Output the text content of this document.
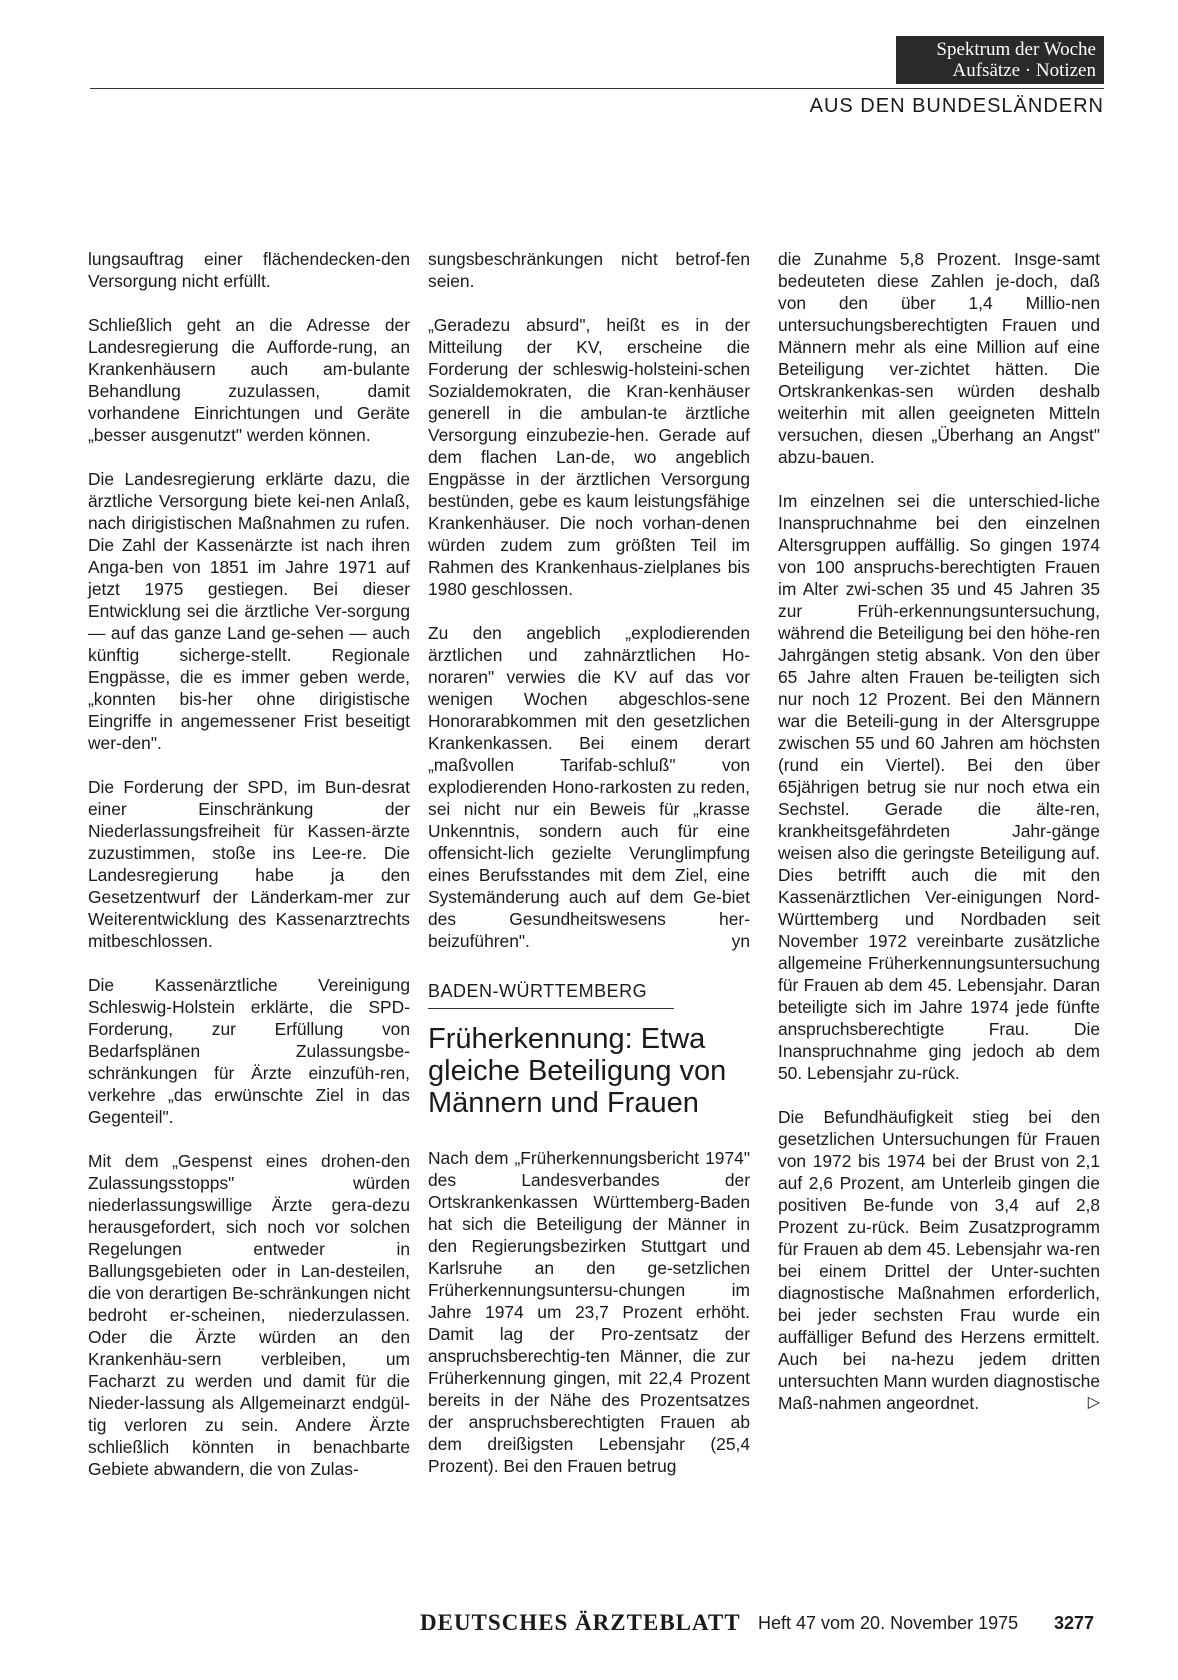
Spektrum der Woche
Aufsätze · Notizen
AUS DEN BUNDESLÄNDERN

lungsauftrag einer flächendecken-den Versorgung nicht erfüllt.

Schließlich geht an die Adresse der Landesregierung die Aufforde-rung, an Krankenhäusern auch am-bulante Behandlung zuzulassen, damit vorhandene Einrichtungen und Geräte „besser ausgenutzt" werden können.

Die Landesregierung erklärte dazu, die ärztliche Versorgung biete kei-nen Anlaß, nach dirigistischen Maßnahmen zu rufen. Die Zahl der Kassenärzte ist nach ihren Anga-ben von 1851 im Jahre 1971 auf jetzt 1975 gestiegen. Bei dieser Entwicklung sei die ärztliche Ver-sorgung — auf das ganze Land ge-sehen — auch künftig sicherge-stellt. Regionale Engpässe, die es immer geben werde, „konnten bis-her ohne dirigistische Eingriffe in angemessener Frist beseitigt wer-den".

Die Forderung der SPD, im Bun-desrat einer Einschränkung der Niederlassungsfreiheit für Kassen-ärzte zuzustimmen, stoße ins Lee-re. Die Landesregierung habe ja den Gesetzentwurf der Länderkam-mer zur Weiterentwicklung des Kassenarztrechts mitbeschlossen.

Die Kassenärztliche Vereinigung Schleswig-Holstein erklärte, die SPD-Forderung, zur Erfüllung von Bedarfsplänen Zulassungsbe-schränkungen für Ärzte einzufüh-ren, verkehre „das erwünschte Ziel in das Gegenteil".

Mit dem „Gespenst eines drohen-den Zulassungsstopps" würden niederlassungswillige Ärzte gera-dezu herausgefordert, sich noch vor solchen Regelungen entweder in Ballungsgebieten oder in Lan-desteilen, die von derartigen Be-schränkungen nicht bedroht er-scheinen, niederzulassen. Oder die Ärzte würden an den Krankenhäu-sern verbleiben, um Facharzt zu werden und damit für die Nieder-lassung als Allgemeinarzt endgül-tig verloren zu sein. Andere Ärzte schließlich könnten in benachbarte Gebiete abwandern, die von Zulas-

sungsbeschränkungen nicht betrof-fen seien.

„Geradezu absurd", heißt es in der Mitteilung der KV, erscheine die Forderung der schleswig-holsteini-schen Sozialdemokraten, die Kran-kenhäuser generell in die ambulan-te ärztliche Versorgung einzubezie-hen. Gerade auf dem flachen Lan-de, wo angeblich Engpässe in der ärztlichen Versorgung bestünden, gebe es kaum leistungsfähige Krankenhäuser. Die noch vorhan-denen würden zudem zum größten Teil im Rahmen des Krankenhaus-zielplanes bis 1980 geschlossen.

Zu den angeblich „explodierenden ärztlichen und zahnärztlichen Ho-noraren" verwies die KV auf das vor wenigen Wochen abgeschlos-sene Honorarabkommen mit den gesetzlichen Krankenkassen. Bei einem derart „maßvollen Tarifab-schluß" von explodierenden Hono-rarkosten zu reden, sei nicht nur ein Beweis für „krasse Unkenntnis, sondern auch für eine offensicht-lich gezielte Verunglimpfung eines Berufsstandes mit dem Ziel, eine Systemänderung auch auf dem Ge-biet des Gesundheitswesens her-beizuführen".	yn

BADEN-WÜRTTEMBERG
Früherkennung: Etwa gleiche Beteiligung von Männern und Frauen

Nach dem „Früherkennungsbericht 1974" des Landesverbandes der Ortskrankenkassen Württemberg-Baden hat sich die Beteiligung der Männer in den Regierungsbezirken Stuttgart und Karlsruhe an den ge-setzlichen Früherkennungsuntersu-chungen im Jahre 1974 um 23,7 Prozent erhöht. Damit lag der Pro-zentsatz der anspruchsberechtig-ten Männer, die zur Früherkennung gingen, mit 22,4 Prozent bereits in der Nähe des Prozentsatzes der anspruchsberechtigten Frauen ab dem dreißigsten Lebensjahr (25,4 Prozent). Bei den Frauen betrug

die Zunahme 5,8 Prozent. Insge-samt bedeuteten diese Zahlen je-doch, daß von den über 1,4 Millio-nen untersuchungsberechtigten Frauen und Männern mehr als eine Million auf eine Beteiligung ver-zichtet hätten. Die Ortskrankenkas-sen würden deshalb weiterhin mit allen geeigneten Mitteln versuchen, diesen „Überhang an Angst" abzu-bauen.

Im einzelnen sei die unterschied-liche Inanspruchnahme bei den einzelnen Altersgruppen auffällig. So gingen 1974 von 100 anspruchs-berechtigten Frauen im Alter zwi-schen 35 und 45 Jahren 35 zur Früh-erkennungsuntersuchung, während die Beteiligung bei den höhe-ren Jahrgängen stetig absank. Von den über 65 Jahre alten Frauen be-teiligten sich nur noch 12 Prozent. Bei den Männern war die Beteili-gung in der Altersgruppe zwischen 55 und 60 Jahren am höchsten (rund ein Viertel). Bei den über 65jährigen betrug sie nur noch etwa ein Sechstel. Gerade die älte-ren, krankheitsgefährdeten Jahr-gänge weisen also die geringste Beteiligung auf. Dies betrifft auch die mit den Kassenärztlichen Ver-einigungen Nord-Württemberg und Nordbaden seit November 1972 vereinbarte zusätzliche allgemeine Früherkennungsuntersuchung für Frauen ab dem 45. Lebensjahr. Daran beteiligte sich im Jahre 1974 jede fünfte anspruchsberechtigte Frau. Die Inanspruchnahme ging jedoch ab dem 50. Lebensjahr zu-rück.

Die Befundhäufigkeit stieg bei den gesetzlichen Untersuchungen für Frauen von 1972 bis 1974 bei der Brust von 2,1 auf 2,6 Prozent, am Unterleib gingen die positiven Be-funde von 3,4 auf 2,8 Prozent zu-rück. Beim Zusatzprogramm für Frauen ab dem 45. Lebensjahr wa-ren bei einem Drittel der Unter-suchten diagnostische Maßnahmen erforderlich, bei jeder sechsten Frau wurde ein auffälliger Befund des Herzens ermittelt. Auch bei na-hezu jedem dritten untersuchten Mann wurden diagnostische Maß-nahmen angeordnet.	▷

DEUTSCHES ÄRZTEBLATT Heft 47 vom 20. November 1975 3277
